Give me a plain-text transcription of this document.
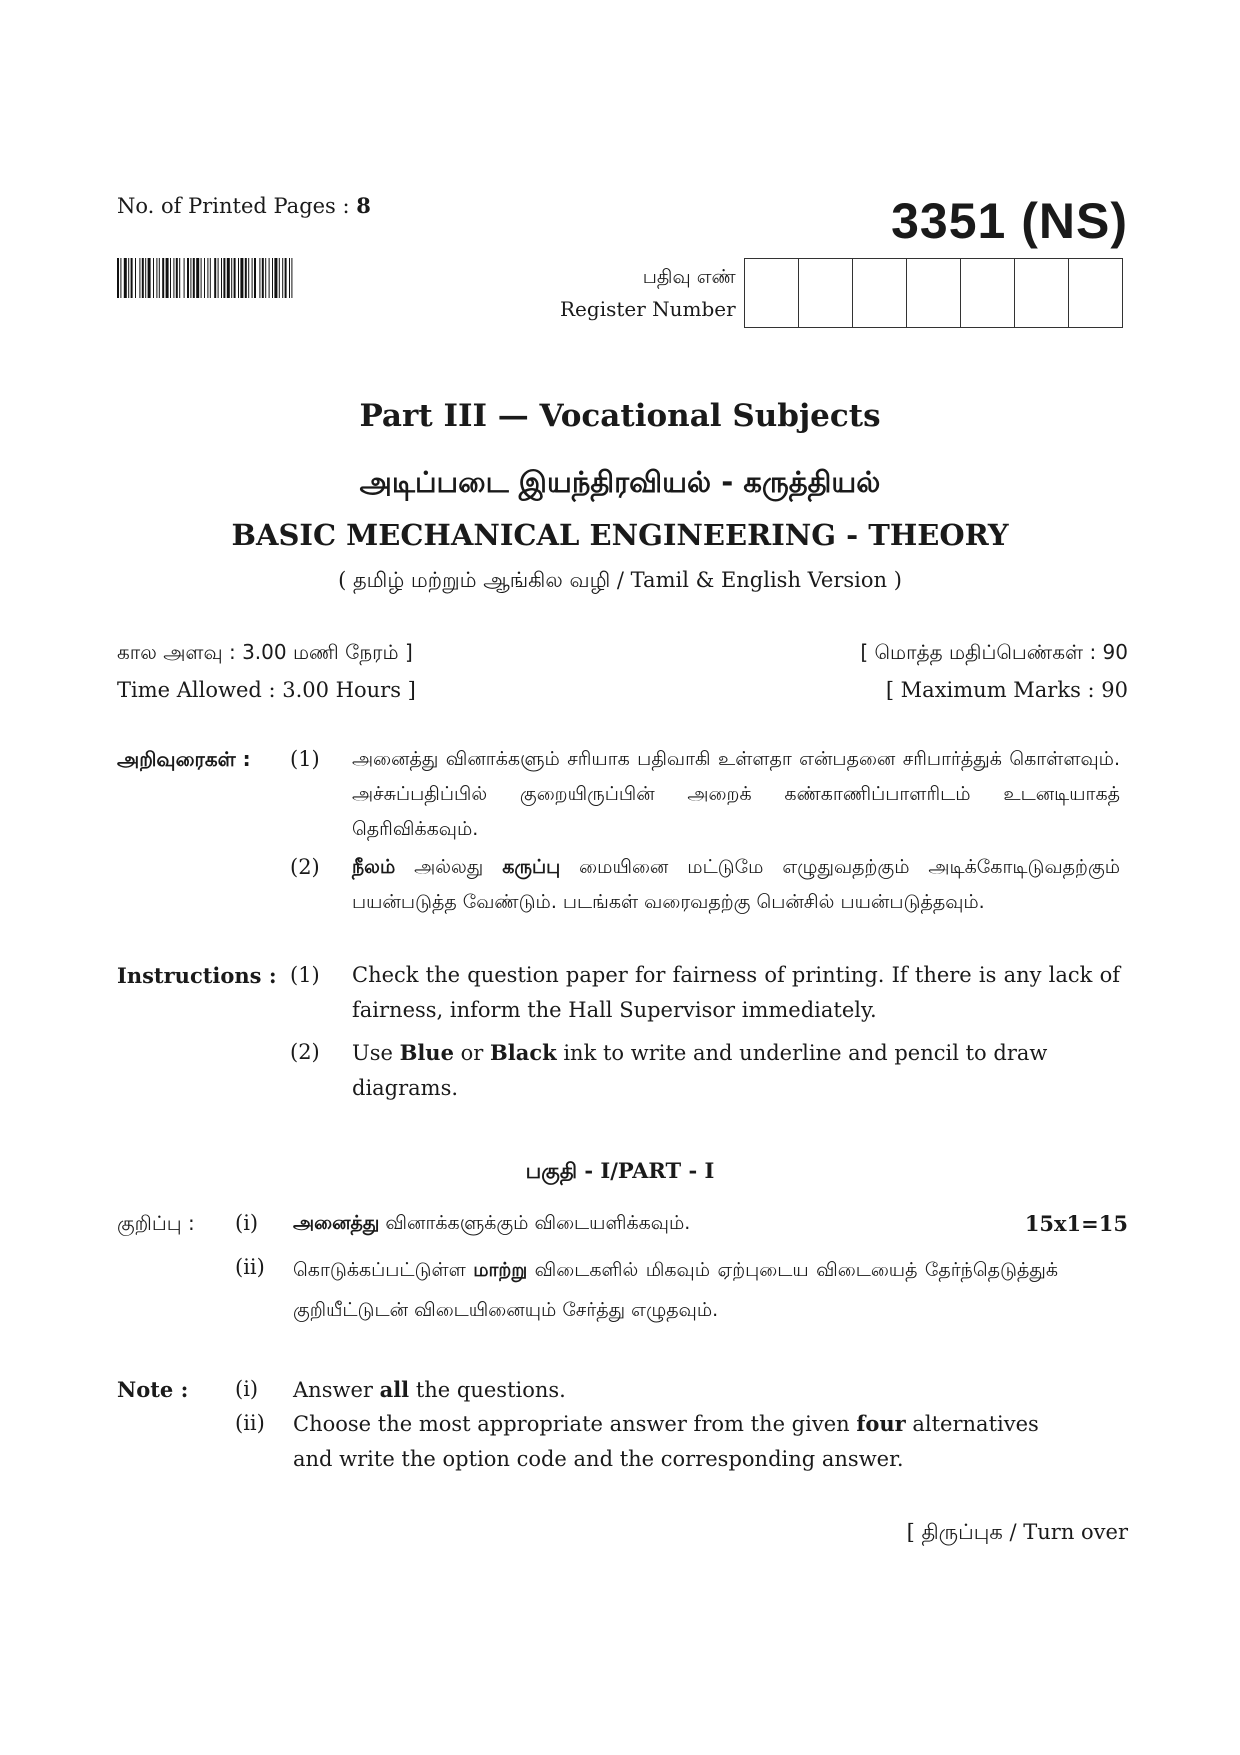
No. of Printed Pages : 8	3351 (NS)
பதிவு எண்
Register Number
Part III — Vocational Subjects
அடிப்படை இயந்திரவியல் - கருத்தியல்
BASIC MECHANICAL ENGINEERING - THEORY
( தமிழ் மற்றும் ஆங்கில வழி / Tamil & English Version )
கால அளவு : 3.00 மணி நேரம் ]	[ மொத்த மதிப்பெண்கள் : 90
Time Allowed : 3.00 Hours ]	[ Maximum Marks : 90
அறிவுரைகள் : (1) அனைத்து வினாக்களும் சரியாக பதிவாகி உள்ளதா என்பதனை சரிபார்த்துக் கொள்ளவும். அச்சுப்பதிப்பில் குறையிருப்பின் அறைக் கண்காணிப்பாளரிடம் உடனடியாகத் தெரிவிக்கவும்.
(2) நீலம் அல்லது கருப்பு மையினை மட்டுமே எழுதுவதற்கும் அடிக்கோடிடுவதற்கும் பயன்படுத்த வேண்டும். படங்கள் வரைவதற்கு பென்சில் பயன்படுத்தவும்.
Instructions : (1) Check the question paper for fairness of printing. If there is any lack of fairness, inform the Hall Supervisor immediately.
(2) Use Blue or Black ink to write and underline and pencil to draw diagrams.
பகுதி - I/PART - I
குறிப்பு : (i) அனைத்து வினாக்களுக்கும் விடையளிக்கவும்.	15x1=15
(ii) கொடுக்கப்பட்டுள்ள மாற்று விடைகளில் மிகவும் ஏற்புடைய விடையைத் தேர்ந்தெடுத்துக் குறியீட்டுடன் விடையினையும் சேர்த்து எழுதவும்.
Note : (i) Answer all the questions.
(ii) Choose the most appropriate answer from the given four alternatives and write the option code and the corresponding answer.
[ திருப்புக / Turn over
